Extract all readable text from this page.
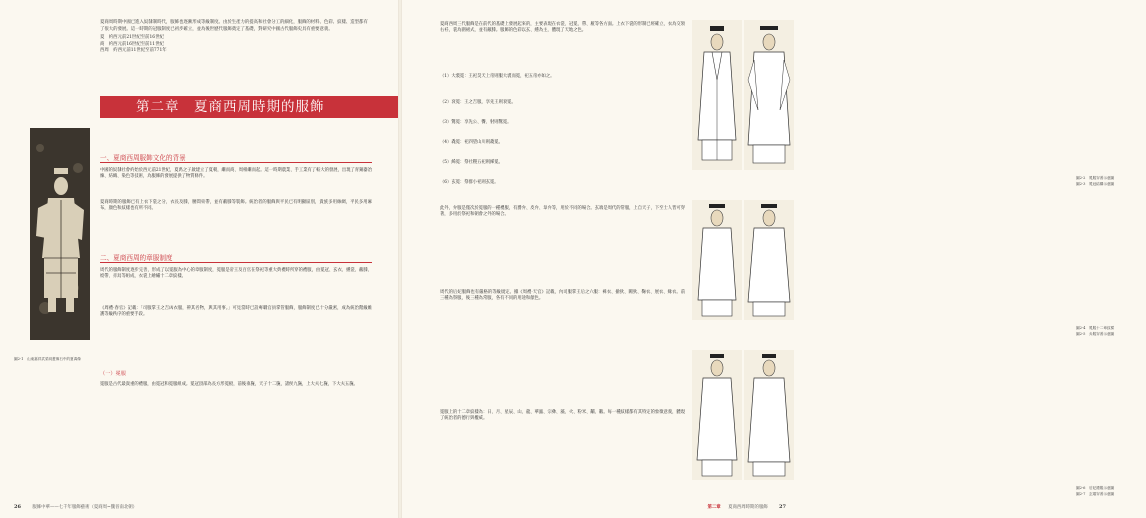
夏商周時期中國已進入奴隸制時代，服飾也逐漸形成等級制度。由於生產力的提高和社會分工的細化，服飾的材料、色彩、紋樣、造型都有了很大的發展。這一時期的冠服制度已初步確立，並為後世歷代服飾奠定了基礎，對研究中國古代服飾史具有重要意義。

夏　約西元前21世紀至前16世紀
商　約西元前16世紀至前11世紀
西周　約西元前11世紀至前771年
第二章　夏商西周時期的服飾
圖2-1　山東嘉祥武梁祠畫像石中的夏禹像
一、夏商西周服飾文化的背景
中國的奴隸社會約始於西元前21世紀，夏禹之子啟建立了夏朝，繼而商、周相繼而起。這一時期農業、手工業有了較大的發展，出現了青銅器冶煉、紡織、染色等技術，為服飾的發展提供了物質條件。
夏商時期的服飾已有上衣下裳之分，衣長及膝，腰間束帶，並有蔽膝等裝飾。統治者的服飾與平民已有明顯區別，貴族多用絲綢，平民多用麻布，顏色和紋樣也有所不同。
二、夏商西周的章服制度
周代的服飾制度逐步完善，形成了以冕服為中心的章服制度，冕服是帝王及百官在祭祀等重大典禮時所穿的禮服，由冕冠、玄衣、纁裳、蔽膝、綬帶、赤舄等組成，衣裳上繪繡十二章紋樣。
《周禮·春官》記載：「司服掌王之吉凶衣服，辨其名物，與其用事。」可見當時已設專職官員掌管服飾，服飾制度已十分嚴密，成為統治階級維護等級秩序的重要手段。
（一）冕服
冕服是古代最貴重的禮服，由冕冠和冕服組成。冕冠頂部為長方形冕板，前後垂旒，天子十二旒，諸侯九旒，上大夫七旒，下大夫五旒。
26	服飾中華——七千年服飾藝術（夏商周~魏晉南北朝）
夏商西周三代服飾是在前代的基礎上發展起來的，主要表現在衣裳、冠冕、帶、履等各方面。上衣下裳的形制已經確立，衣為交領右衽，裳為圍裙式，並有蔽膝。服飾的色彩以玄、纁為主，體現了天地之色。
（1）大裘冕：王祀昊天上帝則服大裘而冕，祀五帝亦如之。
（2）袞冕：王之吉服，享先王則袞冕。
（3）鷩冕：享先公、饗、射則鷩冕。
（4）毳冕：祀四望山川則毳冕。
（5）絺冕：祭社稷五祀則絺冕。
（6）玄冕：祭群小祀則玄冕。
此外，弁服是僅次於冕服的一種禮服，有爵弁、皮弁、韋弁等，用於不同的場合。玄端是周代的常服，上自天子，下至士人皆可穿著，多用於祭祀和朝會之外的場合。
周代的后妃服飾也有嚴格的等級規定。據《周禮·天官》記載，內司服掌王后之六服：褘衣、揄狄、闕狄、鞠衣、展衣、緣衣。前三種為祭服，後三種為常服，各有不同的用途和顏色。
冕服上的十二章紋樣為：日、月、星辰、山、龍、華蟲、宗彝、藻、火、粉米、黼、黻。每一種紋樣都有其特定的象徵意義，體現了統治者的德行與權威。
圖2-2　冕服穿著示意圖
圖2-3　冕冠結構示意圖
圖2-4　冕服十二章紋樣
圖2-5　弁服穿著示意圖
圖2-6　后妃禮服示意圖
圖2-7　玄端穿著示意圖
第二章 夏商西周時期的服飾 27
